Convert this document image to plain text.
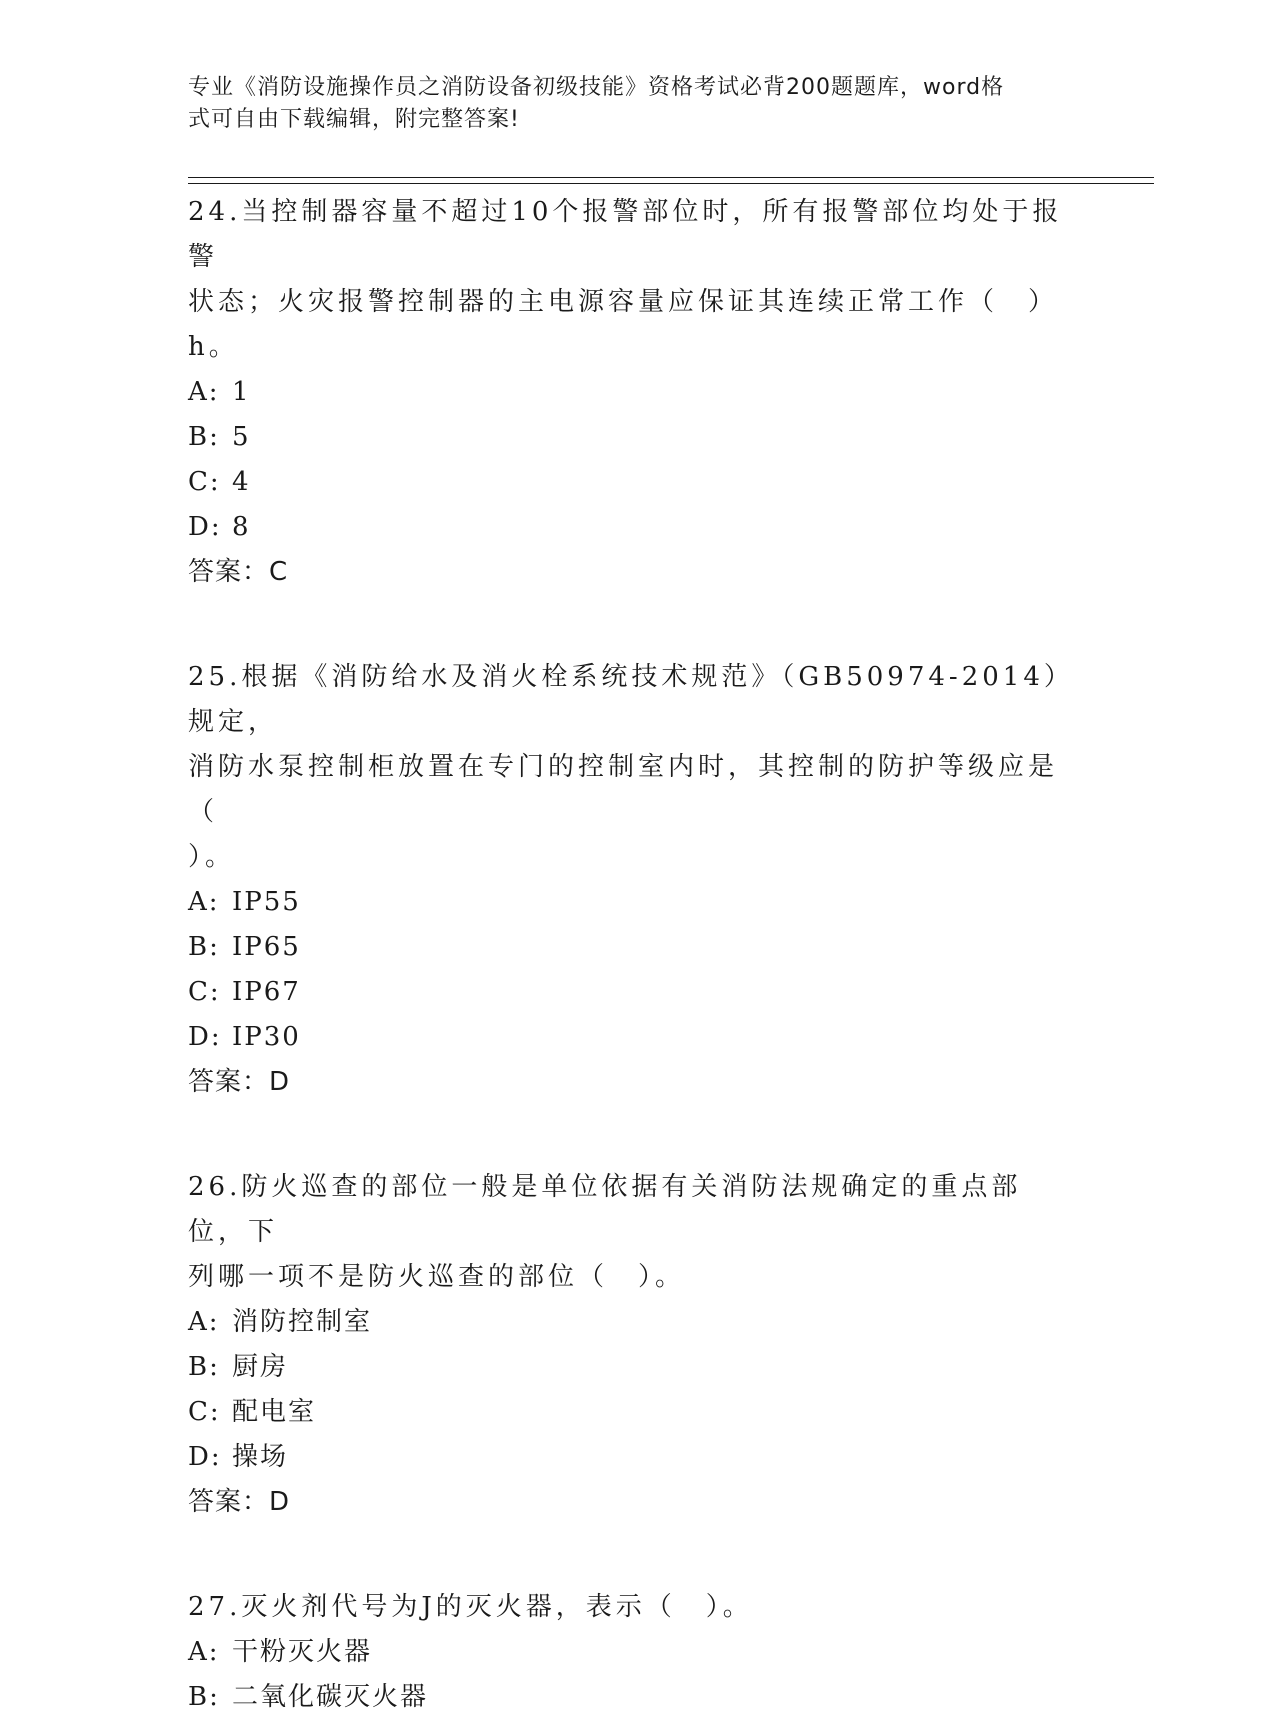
专业《消防设施操作员之消防设备初级技能》资格考试必背200题题库，word格
式可自由下载编辑，附完整答案!
24.当控制器容量不超过10个报警部位时，所有报警部位均处于报警
状态；火灾报警控制器的主电源容量应保证其连续正常工作（　）h。
A: 1
B: 5
C: 4
D: 8
答案：C
25.根据《消防给水及消火栓系统技术规范》（GB50974-2014）规定，
消防水泵控制柜放置在专门的控制室内时，其控制的防护等级应是（
）。
A: IP55
B: IP65
C: IP67
D: IP30
答案：D
26.防火巡查的部位一般是单位依据有关消防法规确定的重点部位，下
列哪一项不是防火巡查的部位（　）。
A: 消防控制室
B: 厨房
C: 配电室
D: 操场
答案：D
27.灭火剂代号为J的灭火器，表示（　）。
A: 干粉灭火器
B: 二氧化碳灭火器
